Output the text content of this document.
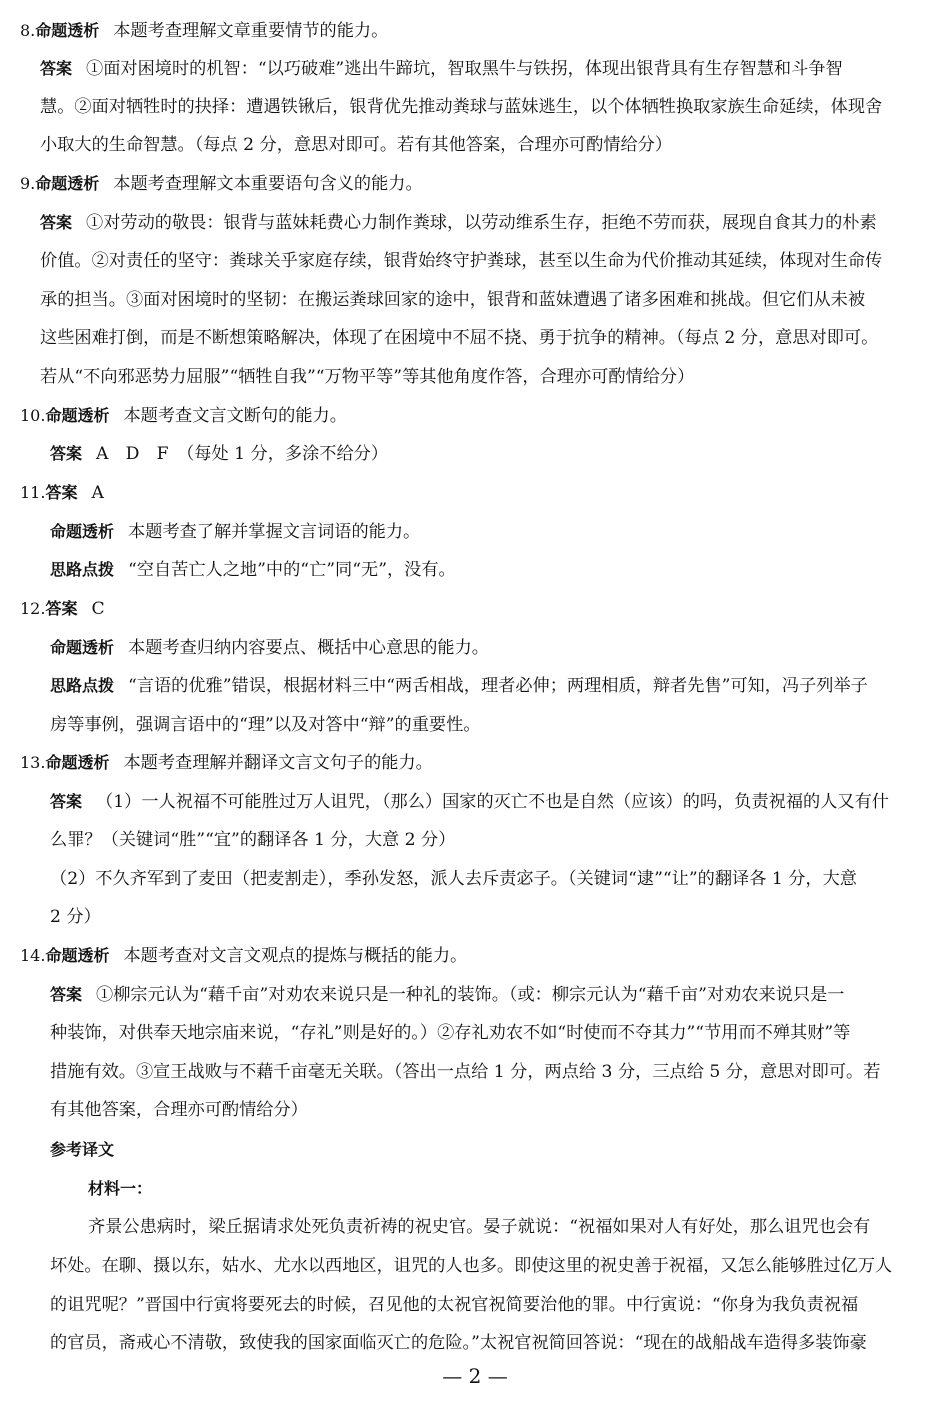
8.命题透析 本题考查理解文章重要情节的能力。
答案 ①面对困境时的机智：“以巧破难”逃出牛蹄坑，智取黑牛与铁拐，体现出银背具有生存智慧和斗争智
慧。②面对牺牲时的抉择：遭遇铁锹后，银背优先推动粪球与蓝妹逃生，以个体牺牲换取家族生命延续，体现舍
小取大的生命智慧。（每点 2 分，意思对即可。若有其他答案，合理亦可酌情给分）
9.命题透析 本题考查理解文本重要语句含义的能力。
答案 ①对劳动的敬畏：银背与蓝妹耗费心力制作粪球，以劳动维系生存，拒绝不劳而获，展现自食其力的朴素
价值。②对责任的坚守：粪球关乎家庭存续，银背始终守护粪球，甚至以生命为代价推动其延续，体现对生命传
承的担当。③面对困境时的坚韧：在搬运粪球回家的途中，银背和蓝妹遭遇了诸多困难和挑战。但它们从未被
这些困难打倒，而是不断想策略解决，体现了在困境中不屈不挠、勇于抗争的精神。（每点 2 分，意思对即可。
若从“不向邪恶势力屈服”“牺牲自我”“万物平等”等其他角度作答，合理亦可酌情给分）
10.命题透析 本题考查文言文断句的能力。
答案 A　D　F　（每处 1 分，多涂不给分）
11.答案 A
命题透析 本题考查了解并掌握文言词语的能力。
思路点拨 “空自苦亡人之地”中的“亡”同“无”，没有。
12.答案 C
命题透析 本题考查归纳内容要点、概括中心意思的能力。
思路点拨 “言语的优雅”错误，根据材料三中“两舌相战，理者必伸；两理相质，辩者先售”可知，冯子列举子
房等事例，强调言语中的“理”以及对答中“辩”的重要性。
13.命题透析 本题考查理解并翻译文言文句子的能力。
答案 （1）一人祝福不可能胜过万人诅咒，（那么）国家的灭亡不也是自然（应该）的吗，负责祝福的人又有什
么罪？（关键词“胜”“宜”的翻译各 1 分，大意 2 分）
（2）不久齐军到了麦田（把麦割走），季孙发怒，派人去斥责宓子。（关键词“逮”“让”的翻译各 1 分，大意
2 分）
14.命题透析 本题考查对文言文观点的提炼与概括的能力。
答案 ①柳宗元认为“藉千亩”对劝农来说只是一种礼的装饰。（或：柳宗元认为“藉千亩”对劝农来说只是一
种装饰，对供奉天地宗庙来说，“存礼”则是好的。）②存礼劝农不如“时使而不夺其力”“节用而不殚其财”等
措施有效。③宣王战败与不藉千亩毫无关联。（答出一点给 1 分，两点给 3 分，三点给 5 分，意思对即可。若
有其他答案，合理亦可酌情给分）
参考译文
材料一：
齐景公患病时，梁丘据请求处死负责祈祷的祝史官。晏子就说：“祝福如果对人有好处，那么诅咒也会有
坏处。在聊、摄以东，姑水、尤水以西地区，诅咒的人也多。即使这里的祝史善于祝福，又怎么能够胜过亿万人
的诅咒呢？”晋国中行寅将要死去的时候，召见他的太祝官祝简要治他的罪。中行寅说：“你身为我负责祝福
的官员，斋戒心不清敬，致使我的国家面临灭亡的危险。”太祝官祝简回答说：“现在的战船战车造得多装饰豪
— 2 —
